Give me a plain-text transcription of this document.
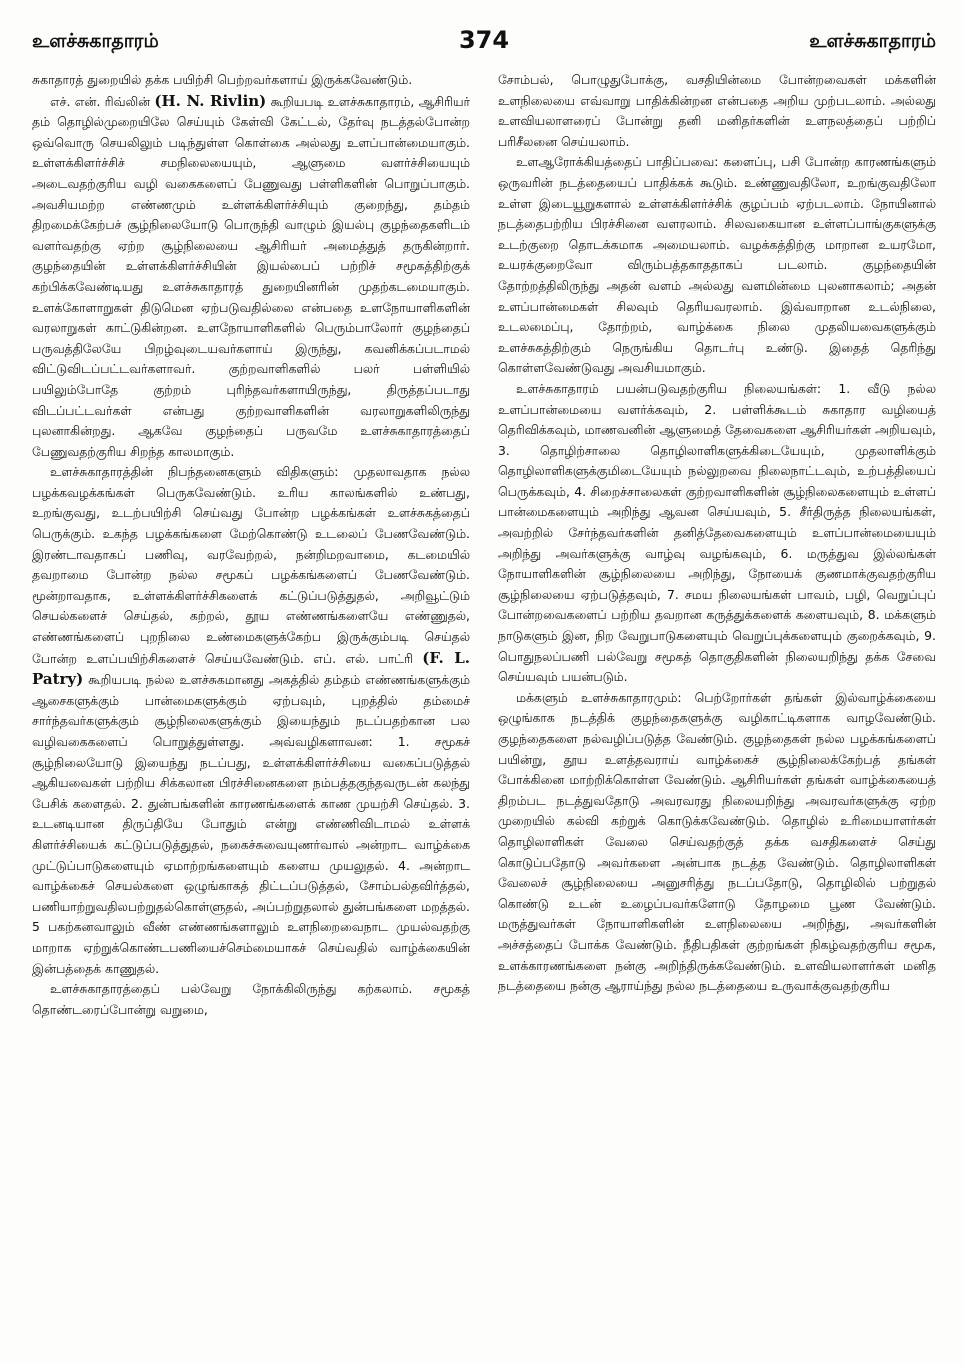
உளச்சுகாதாரம்	374	உளச்சுகாதாரம்

சுகாதாரத் துறையில் தக்க பயிற்சி பெற்றவர்களாய் இருக்கவேண்டும்.

எச். என். ரிவ்லின் (H. N. Rivlin) கூறியபடி உளச்சுகாதாரம், ஆசிரியர் தம் தொழில்முறையிலே செய்யும் கேள்வி கேட்டல், தேர்வு நடத்தல்போன்ற ஒவ்வொரு செயலிலும் படிந்துள்ள கொள்கை அல்லது உளப்பான்மையாகும். உள்ளக்கிளர்ச்சிச் சமநிலையையும், ஆளுமை வளர்ச்சியையும் அடைவதற்குரிய வழி வகைகளைப் பேணுவது பள்ளிகளின் பொறுப்பாகும். அவசியமற்ற எண்ணமும் உள்ளக்கிளர்ச்சியும் குறைந்து, தம்தம் திறமைக்கேற்பச் சூழ்நிலையோடு பொருந்தி வாழும் இயல்பு குழந்தைகளிடம் வளர்வதற்கு ஏற்ற சூழ்நிலையை ஆசிரியர் அமைத்துத் தருகின்றார். குழந்தையின் உள்ளக்கிளர்ச்சியின் இயல்பைப் பற்றிச் சமூகத்திற்குக் கற்பிக்கவேண்டியது உளச்சுகாதாரத் துறையினரின் முதற்கடமையாகும். உளக்கோளாறுகள் திடுமென ஏற்படுவதில்லை என்பதை உளநோயாளிகளின் வரலாறுகள் காட்டுகின்றன. உளநோயாளிகளில் பெரும்பாலோர் குழந்தைப் பருவத்திலேயே பிறழ்வுடையவர்களாய் இருந்து, கவனிக்கப்படாமல் விட்டுவிடப்பட்டவர்களாவர். குற்றவாளிகளில் பலர் பள்ளியில் பயிலும்போதே குற்றம் புரிந்தவர்களாயிருந்து, திருத்தப்படாது விடப்பட்டவர்கள் என்பது குற்றவாளிகளின் வரலாறுகளிலிருந்து புலனாகின்றது. ஆகவே குழந்தைப் பருவமே உளச்சுகாதாரத்தைப் பேணுவதற்குரிய சிறந்த காலமாகும்.

உளச்சுகாதாரத்தின் நிபந்தனைகளும் விதிகளும்: முதலாவதாக நல்ல பழக்கவழக்கங்கள் பெருகவேண்டும். உரிய காலங்களில் உண்பது, உறங்குவது, உடற்பயிற்சி செய்வது போன்ற பழக்கங்கள் உளச்சுகத்தைப் பெருக்கும். உகந்த பழக்கங்களை மேற்கொண்டு உடலைப் பேணவேண்டும். இரண்டாவதாகப் பணிவு, வரவேற்றல், நன்றிமறவாமை, கடமையில் தவறாமை போன்ற நல்ல சமூகப் பழக்கங்களைப் பேணவேண்டும். மூன்றாவதாக, உள்ளக்கிளர்ச்சிகளைக் கட்டுப்படுத்துதல், அறிவூட்டும் செயல்களைச் செய்தல், கற்றல், தூய எண்ணங்களையே எண்ணுதல், எண்ணங்களைப் புறநிலை உண்மைகளுக்கேற்ப இருக்கும்படி செய்தல் போன்ற உளப்பயிற்சிகளைச் செய்யவேண்டும். எப். எல். பாட்ரி (F. L. Patry) கூறியபடி நல்ல உளச்சுகமானது அகத்தில் தம்தம் எண்ணங்களுக்கும் ஆசைகளுக்கும் பான்மைகளுக்கும் ஏற்பவும், புறத்தில் தம்மைச் சார்ந்தவர்களுக்கும் சூழ்நிலைகளுக்கும் இயைந்தும் நடப்பதற்கான பல வழிவகைகளைப் பொறுத்துள்ளது. அவ்வழிகளாவன: 1. சமூகச் சூழ்நிலையோடு இயைந்து நடப்பது, உள்ளக்கிளர்ச்சியை வகைப்படுத்தல் ஆகியவைகள் பற்றிய சிக்கலான பிரச்சினைகளை நம்பத்தகுந்தவருடன் கலந்து பேசிக் களைதல். 2. துன்பங்களின் காரணங்களைக் காண முயற்சி செய்தல். 3. உடனடியான திருப்தியே போதும் என்று எண்ணிவிடாமல் உள்ளக் கிளர்ச்சியைக் கட்டுப்படுத்துதல், நகைச்சுவையுணர்வால் அன்றாட வாழ்க்கை முட்டுப்பாடுகளையும் ஏமாற்றங்களையும் களைய முயலுதல். 4. அன்றாட வாழ்க்கைச் செயல்களை ஒழுங்காகத் திட்டப்படுத்தல், சோம்பல்தவிர்த்தல், பணியாற்றுவதிலபற்றுதல்கொள்ளுதல், அப்பற்றுதலால் துன்பங்களை மறத்தல். 5 பகற்கனவாலும் வீண் எண்ணங்களாலும் உளநிறைவைநாட முயல்வதற்கு மாறாக ஏற்றுக்கொண்டபணியைச்செம்மையாகச் செய்வதில் வாழ்க்கையின் இன்பத்தைக் காணுதல்.

உளச்சுகாதாரத்தைப் பல்வேறு நோக்கிலிருந்து கற்கலாம். சமூகத் தொண்டரைப்போன்று வறுமை,

சோம்பல், பொழுதுபோக்கு, வசதியின்மை போன்றவைகள் மக்களின் உளநிலையை எவ்வாறு பாதிக்கின்றன என்பதை அறிய முற்படலாம். அல்லது உளவியலாளரைப் போன்று தனி மனிதர்களின் உளநலத்தைப் பற்றிப் பரிசீலனை செய்யலாம்.

உளஆரோக்கியத்தைப் பாதிப்பவை: களைப்பு, பசி போன்ற காரணங்களும் ஒருவரின் நடத்தையைப் பாதிக்கக் கூடும். உண்ணுவதிலோ, உறங்குவதிலோ உள்ள இடையூறுகளால் உள்ளக்கிளர்ச்சிக் குழப்பம் ஏற்படலாம். நோயினால் நடத்தைபற்றிய பிரச்சினை வளரலாம். சிலவகையான உள்ளப்பாங்குகளுக்கு உடற்குறை தொடக்கமாக அமையலாம். வழக்கத்திற்கு மாறான உயரமோ, உயரக்குறைவோ விரும்பத்தகாததாகப் படலாம். குழந்தையின் தோற்றத்திலிருந்து அதன் வளம் அல்லது வளமின்மை புலனாகலாம்; அதன் உளப்பான்மைகள் சிலவும் தெரியவரலாம். இவ்வாறான உடல்நிலை, உடலமைப்பு, தோற்றம், வாழ்க்கை நிலை முதலியவைகளுக்கும் உளச்சுகத்திற்கும் நெருங்கிய தொடர்பு உண்டு. இதைத் தெரிந்து கொள்ளவேண்டுவது அவசியமாகும்.

உளச்சுகாதாரம் பயன்படுவதற்குரிய நிலையங்கள்: 1. வீடு நல்ல உளப்பான்மையை வளர்க்கவும், 2. பள்ளிக்கூடம் சுகாதார வழியைத் தெரிவிக்கவும், மாணவனின் ஆளுமைத் தேவைகளை ஆசிரியர்கள் அறியவும், 3. தொழிற்சாலை தொழிலாளிகளுக்கிடையேயும், முதலாளிக்கும் தொழிலாளிகளுக்குமிடையேயும் நல்லுறவை நிலைநாட்டவும், உற்பத்தியைப் பெருக்கவும், 4. சிறைச்சாலைகள் குற்றவாளிகளின் சூழ்நிலைகளையும் உள்ளப் பான்மைகளையும் அறிந்து ஆவன செய்யவும், 5. சீர்திருத்த நிலையங்கள், அவற்றில் சேர்ந்தவர்களின் தனித்தேவைகளையும் உளப்பான்மையையும் அறிந்து அவர்களுக்கு வாழ்வு வழங்கவும், 6. மருத்துவ இல்லங்கள் நோயாளிகளின் சூழ்நிலையை அறிந்து, நோயைக் குணமாக்குவதற்குரிய சூழ்நிலையை ஏற்படுத்தவும், 7. சமய நிலையங்கள் பாவம், பழி, வெறுப்புப் போன்றவைகளைப் பற்றிய தவறான கருத்துக்களைக் களையவும், 8. மக்களும் நாடுகளும் இன, நிற வேறுபாடுகளையும் வெறுப்புக்களையும் குறைக்கவும், 9. பொதுநலப்பணி பல்வேறு சமூகத் தொகுதிகளின் நிலையறிந்து தக்க சேவை செய்யவும் பயன்படும்.

மக்களும் உளச்சுகாதாரமும்: பெற்றோர்கள் தங்கள் இல்வாழ்க்கையை ஒழுங்காக நடத்திக் குழந்தைகளுக்கு வழிகாட்டிகளாக வாழவேண்டும். குழந்தைகளை நல்வழிப்படுத்த வேண்டும். குழந்தைகள் நல்ல பழக்கங்களைப் பயின்று, தூய உளத்தவராய் வாழ்க்கைச் சூழ்நிலைக்கேற்பத் தங்கள் போக்கினை மாற்றிக்கொள்ள வேண்டும். ஆசிரியர்கள் தங்கள் வாழ்க்கையைத் திறம்பட நடத்துவதோடு அவரவரது நிலையறிந்து அவரவர்களுக்கு ஏற்ற முறையில் கல்வி கற்றுக் கொடுக்கவேண்டும். தொழில் உரிமையாளர்கள் தொழிலாளிகள் வேலை செய்வதற்குத் தக்க வசதிகளைச் செய்து கொடுப்பதோடு அவர்களை அன்பாக நடத்த வேண்டும். தொழிலாளிகள் வேலைச் சூழ்நிலையை அனுசரித்து நடப்பதோடு, தொழிலில் பற்றுதல் கொண்டு உடன் உழைப்பவர்களோடு தோழமை பூண வேண்டும். மருத்துவர்கள் நோயாளிகளின் உளநிலையை அறிந்து, அவர்களின் அச்சத்தைப் போக்க வேண்டும். நீதிபதிகள் குற்றங்கள் நிகழ்வதற்குரிய சமூக, உளக்காரணங்களை நன்கு அறிந்திருக்கவேண்டும். உளவியலாளர்கள் மனித நடத்தையை நன்கு ஆராய்ந்து நல்ல நடத்தையை உருவாக்குவதற்குரிய
